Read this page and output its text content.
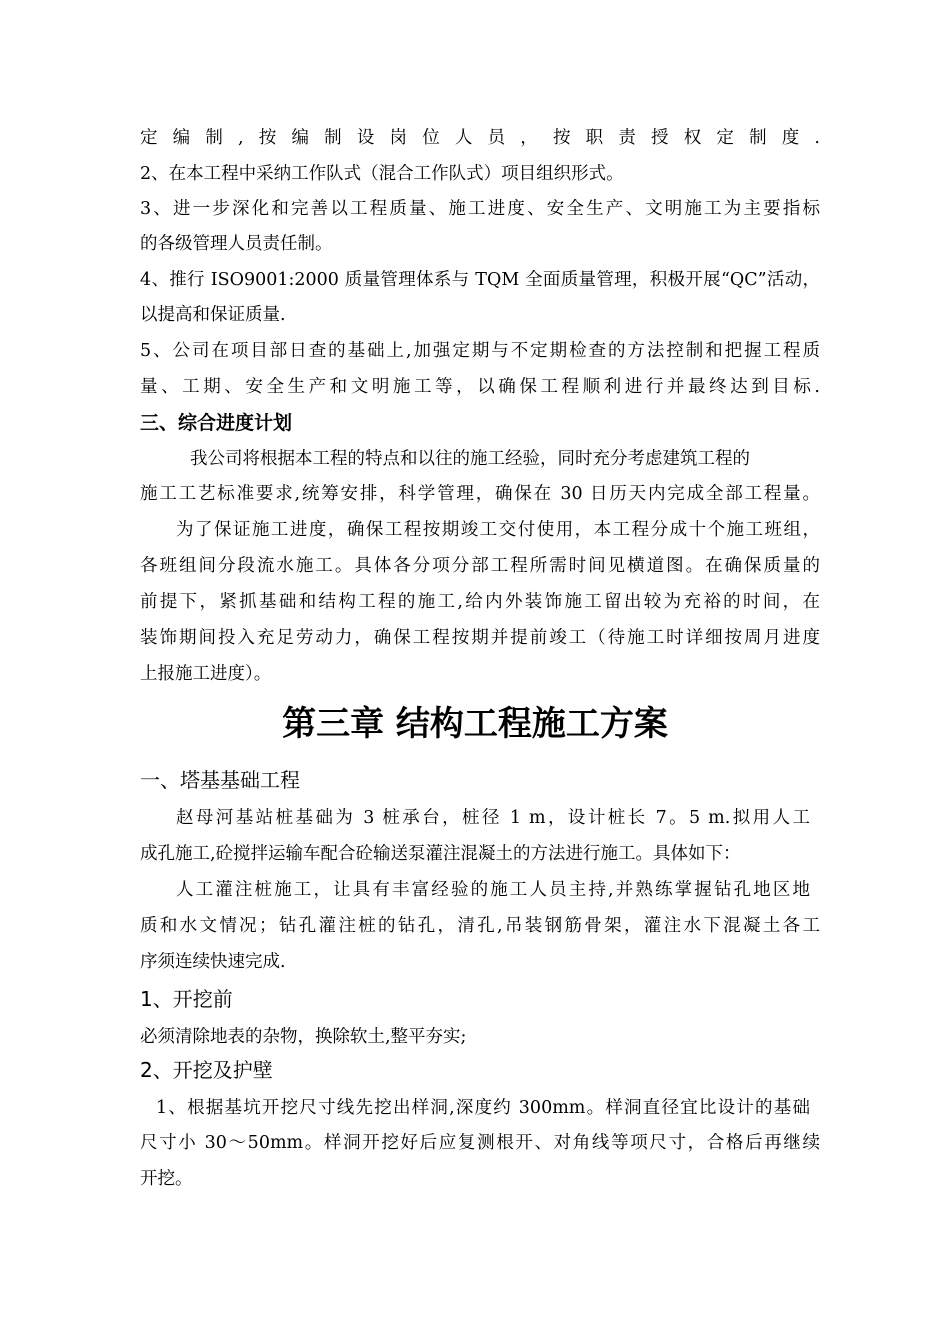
定编制,按编制设岗位人员，按职责授权定制度.
2、在本工程中采纳工作队式（混合工作队式）项目组织形式。
3、进一步深化和完善以工程质量、施工进度、安全生产、文明施工为主要指标
的各级管理人员责任制。
4、推行 ISO9001:2000 质量管理体系与 TQM 全面质量管理，积极开展“QC”活动，
以提高和保证质量.
5、公司在项目部日查的基础上,加强定期与不定期检查的方法控制和把握工程质
量、工期、安全生产和文明施工等，以确保工程顺利进行并最终达到目标.
三、综合进度计划
我公司将根据本工程的特点和以往的施工经验，同时充分考虑建筑工程的
施工工艺标准要求,统筹安排，科学管理，确保在 30 日历天内完成全部工程量。
为了保证施工进度，确保工程按期竣工交付使用，本工程分成十个施工班组，
各班组间分段流水施工。具体各分项分部工程所需时间见横道图。在确保质量的
前提下，紧抓基础和结构工程的施工,给内外装饰施工留出较为充裕的时间，在
装饰期间投入充足劳动力，确保工程按期并提前竣工（待施工时详细按周月进度
上报施工进度）。
第三章 结构工程施工方案
一、塔基基础工程
赵母河基站桩基础为 3 桩承台，桩径 1 m，设计桩长 7。5 m.拟用人工
成孔施工,砼搅拌运输车配合砼输送泵灌注混凝土的方法进行施工。具体如下：
人工灌注桩施工，让具有丰富经验的施工人员主持,并熟练掌握钻孔地区地
质和水文情况；钻孔灌注桩的钻孔，清孔,吊装钢筋骨架，灌注水下混凝土各工
序须连续快速完成.
1、开挖前
必须清除地表的杂物，换除软土,整平夯实;
2、开挖及护壁
1、根据基坑开挖尺寸线先挖出样洞,深度约 300mm。样洞直径宜比设计的基础
尺寸小 30～50mm。样洞开挖好后应复测根开、对角线等项尺寸，合格后再继续
开挖。
